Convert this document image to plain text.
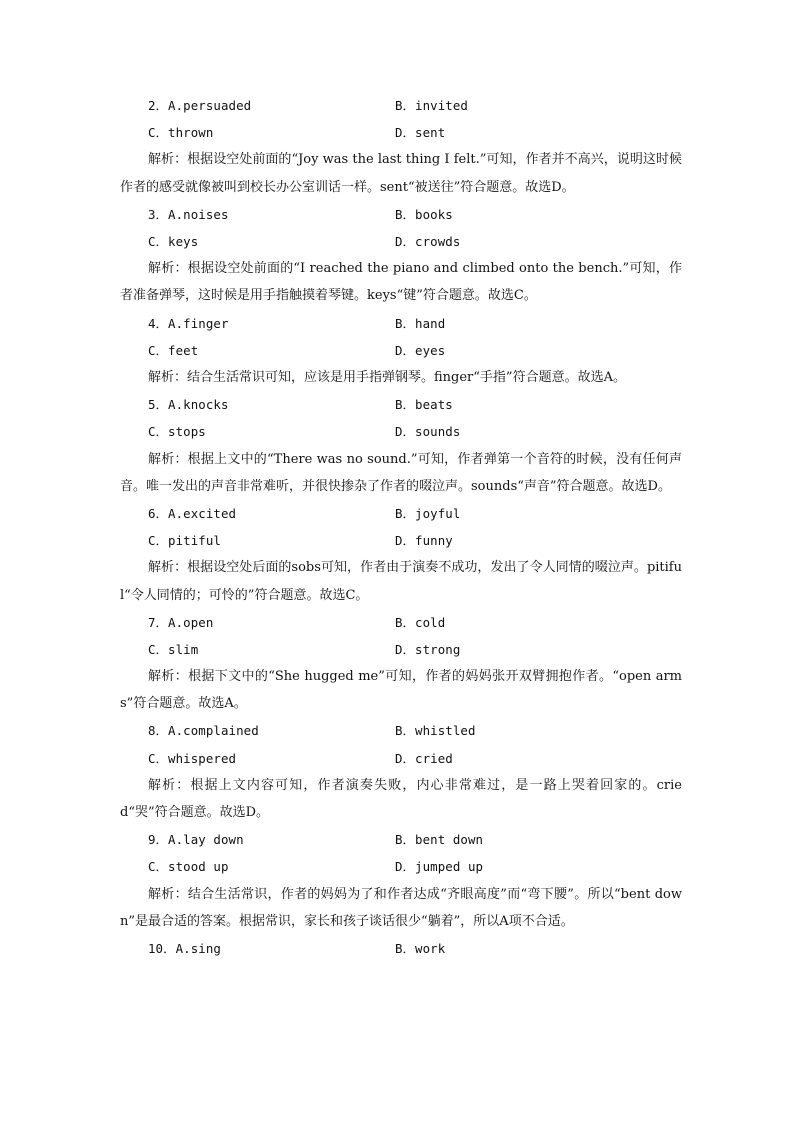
2．A.persuaded	B．invited
C．thrown	D．sent

解析：根据设空处前面的“Joy was the last thing I felt.”可知，作者并不高兴，说明这时候作者的感受就像被叫到校长办公室训话一样。sent“被送往”符合题意。故选D。

3．A.noises	B．books
C．keys	D．crowds

解析：根据设空处前面的“I reached the piano and climbed onto the bench.”可知，作者准备弹琴，这时候是用手指触摸着琴键。keys“键”符合题意。故选C。

4．A.finger	B．hand
C．feet	D．eyes

解析：结合生活常识可知，应该是用手指弹钢琴。finger“手指”符合题意。故选A。

5．A.knocks	B．beats
C．stops	D．sounds

解析：根据上文中的“There was no sound.”可知，作者弹第一个音符的时候，没有任何声音。唯一发出的声音非常难听，并很快掺杂了作者的啜泣声。sounds“声音”符合题意。故选D。

6．A.excited	B．joyful
C．pitiful	D．funny

解析：根据设空处后面的sobs可知，作者由于演奏不成功，发出了令人同情的啜泣声。pitiful“令人同情的；可怜的”符合题意。故选C。

7．A.open	B．cold
C．slim	D．strong

解析：根据下文中的“She hugged me”可知，作者的妈妈张开双臂拥抱作者。“open arms”符合题意。故选A。

8．A.complained	B．whistled
C．whispered	D．cried

解析：根据上文内容可知，作者演奏失败，内心非常难过，是一路上哭着回家的。cried“哭”符合题意。故选D。

9．A.lay down	B．bent down
C．stood up	D．jumped up

解析：结合生活常识，作者的妈妈为了和作者达成“齐眼高度”而“弯下腰”。所以“bent down”是最合适的答案。根据常识，家长和孩子谈话很少“躺着”，所以A项不合适。

10．A.sing	B．work
